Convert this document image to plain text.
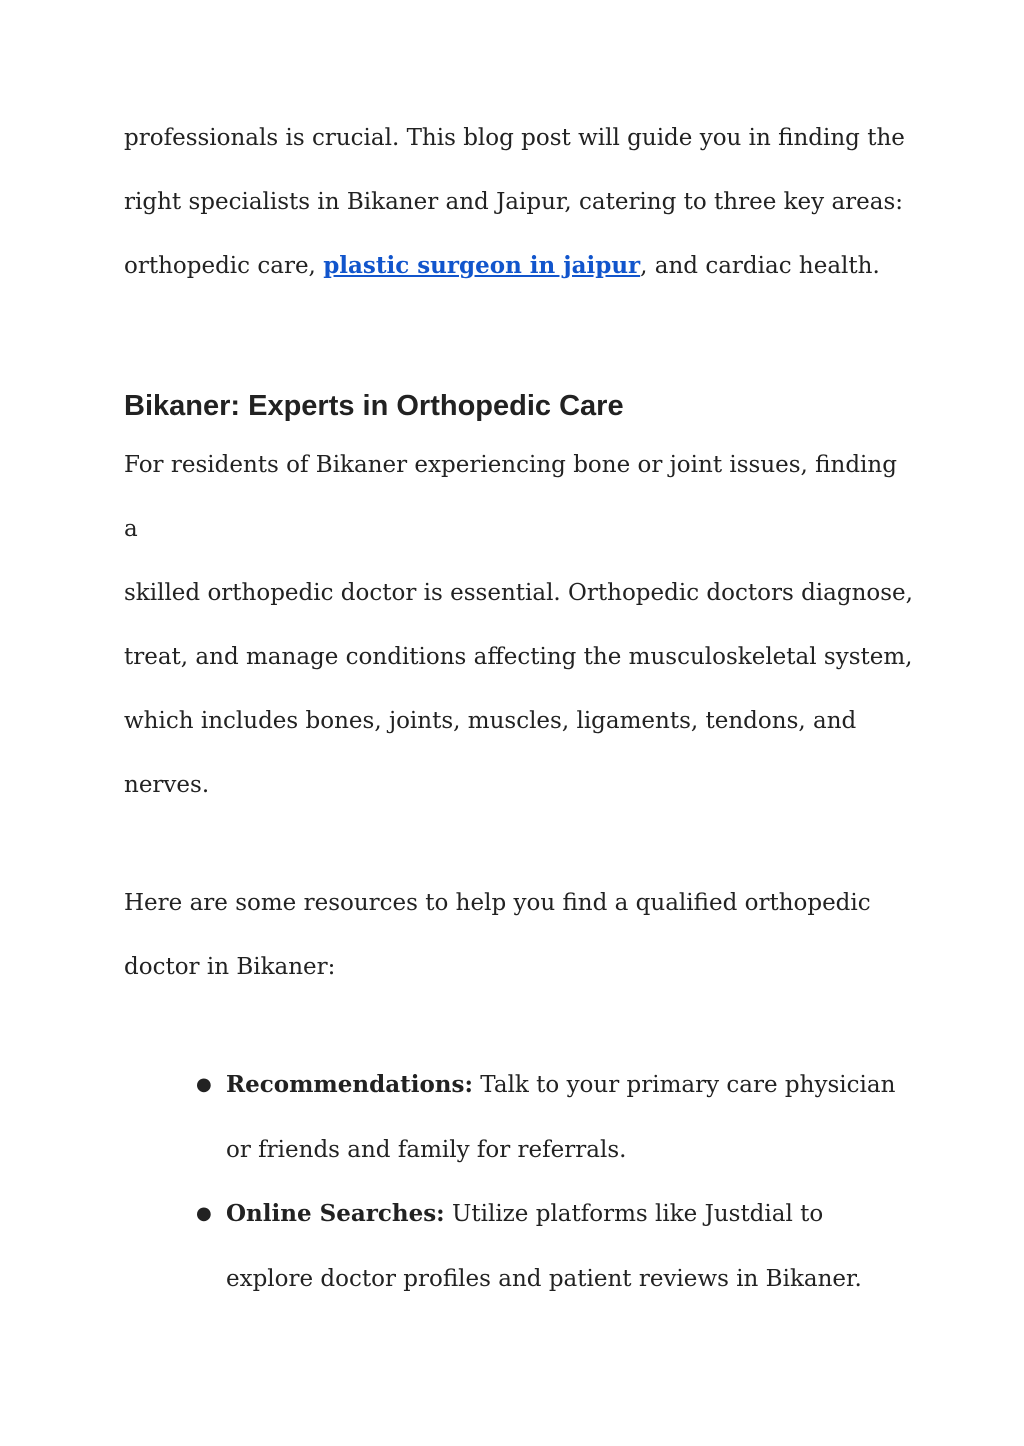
professionals is crucial. This blog post will guide you in finding the
right specialists in Bikaner and Jaipur, catering to three key areas:
orthopedic care, plastic surgeon in jaipur, and cardiac health.

Bikaner: Experts in Orthopedic Care

For residents of Bikaner experiencing bone or joint issues, finding a
skilled orthopedic doctor is essential. Orthopedic doctors diagnose,
treat, and manage conditions affecting the musculoskeletal system,
which includes bones, joints, muscles, ligaments, tendons, and
nerves.

Here are some resources to help you find a qualified orthopedic
doctor in Bikaner:

● Recommendations: Talk to your primary care physician
or friends and family for referrals.
● Online Searches: Utilize platforms like Justdial to
explore doctor profiles and patient reviews in Bikaner.
